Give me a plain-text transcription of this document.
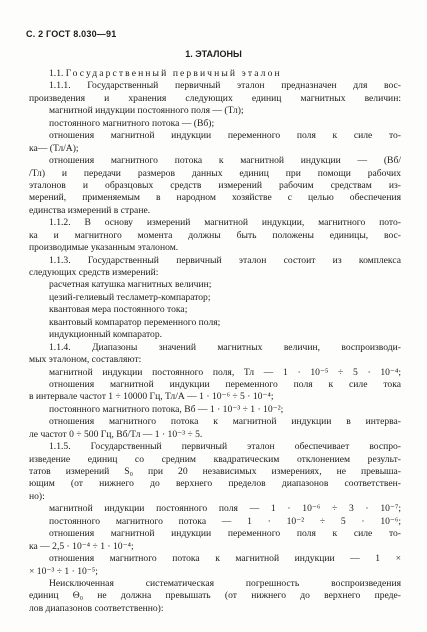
С. 2 ГОСТ 8.030—91
1. ЭТАЛОНЫ
1.1. Государственный первичный эталон
1.1.1. Государственный первичный эталон предназначен для вос-
произведения и хранения следующих единиц магнитных величин:
магнитной индукции постоянного поля — (Тл);
постоянного магнитного потока — (Вб);
отношения магнитной индукции переменного поля к силе то-
ка— (Тл/А);
отношения магнитного потока к магнитной индукции — (Вб/
/Тл) и передачи размеров данных единиц при помощи рабочих
эталонов и образцовых средств измерений рабочим средствам из-
мерений, применяемым в народном хозяйстве с целью обеспечения
единства измерений в стране.
1.1.2. В основу измерений магнитной индукции, магнитного пото-
ка и магнитного момента должны быть положены единицы, вос-
производимые указанным эталоном.
1.1.3. Государственный первичный эталон состоит из комплекса
следующих средств измерений:
расчетная катушка магнитных величин;
цезий-гелиевый тесламетр-компаратор;
квантовая мера постоянного тока;
квантовый компаратор переменного поля;
индукционный компаратор.
1.1.4. Диапазоны значений магнитных величин, воспроизводи-
мых эталоном, составляют:
магнитной индукции постоянного поля, Тл — 1 · 10⁻⁵ ÷ 5 · 10⁻⁴;
отношения магнитной индукции переменного поля к силе тока
в интервале частот 1 ÷ 10000 Гц, Тл/А — 1 · 10⁻⁶ ÷ 5 · 10⁻⁴;
постоянного магнитного потока, Вб — 1 · 10⁻³ ÷ 1 · 10⁻²;
отношения магнитного потока к магнитной индукции в интерва-
ле частот 0 ÷ 500 Гц, Вб/Тл — 1 · 10⁻³ ÷ 5.
1.1.5. Государственный первичный эталон обеспечивает воспро-
изведение единиц со средним квадратическим отклонением результ-
татов измерений S₀ при 20 независимых измерениях, не превыша-
ющим (от нижнего до верхнего пределов диапазонов соответствен-
но):
магнитной индукции постоянного поля — 1 · 10⁻⁶ ÷ 3 · 10⁻⁷;
постоянного магнитного потока — 1 · 10⁻² ÷ 5 · 10⁻⁶;
отношения магнитной индукции переменного поля к силе то-
ка — 2,5 · 10⁻⁴ ÷ 1 · 10⁻⁴;
отношения магнитного потока к магнитной индукции — 1 ×
× 10⁻³ ÷ 1 · 10⁻⁵;
Неисключенная систематическая погрешность воспроизведения
единиц Θ₀ не должна превышать (от нижнего до верхнего преде-
лов диапазонов соответственно):
